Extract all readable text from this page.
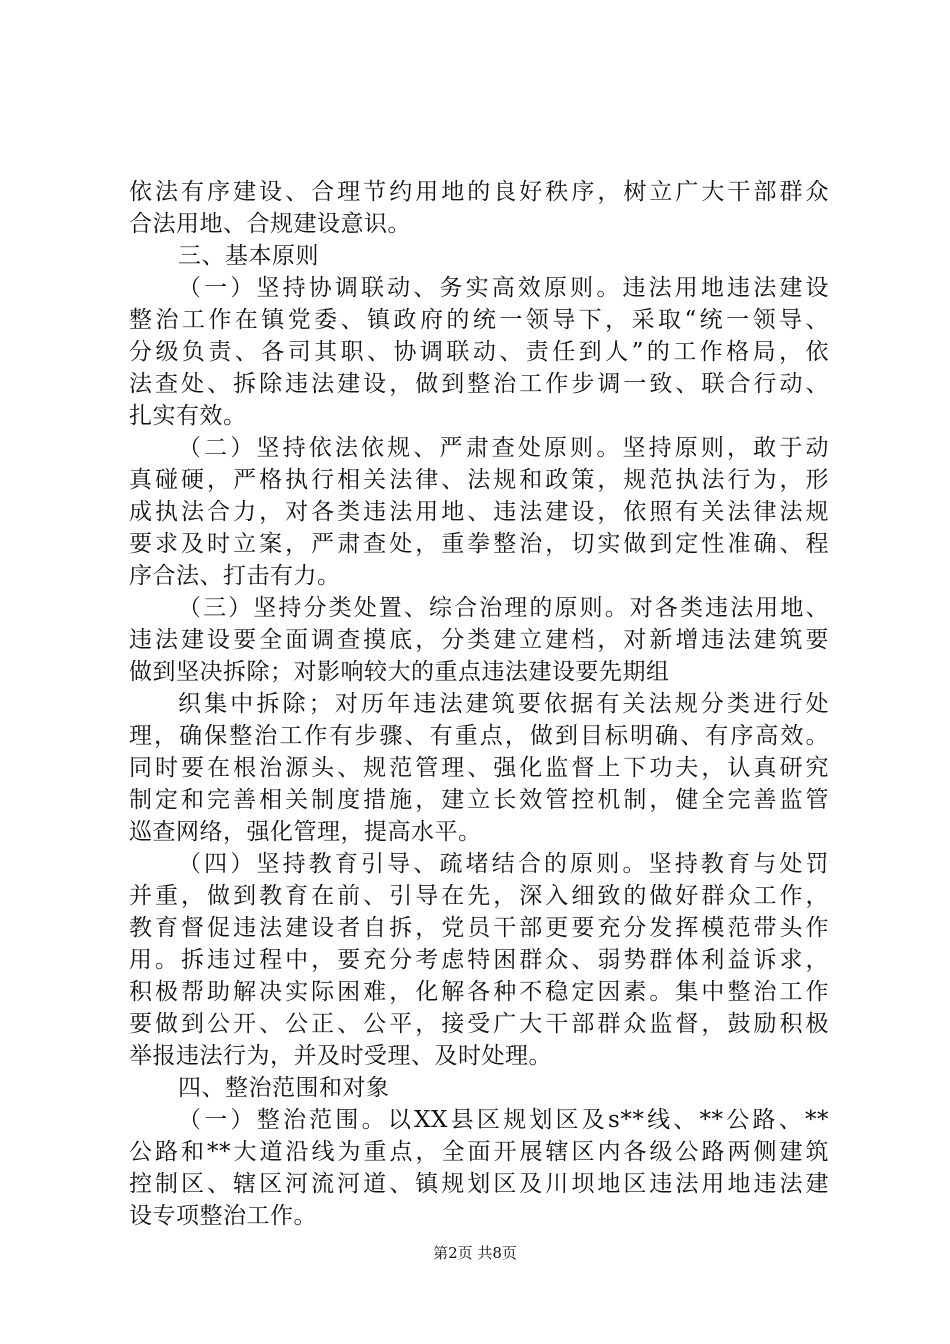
依法有序建设、合理节约用地的良好秩序，树立广大干部群众

合法用地、合规建设意识。

三、基本原则

（一）坚持协调联动、务实高效原则。违法用地违法建设

整治工作在镇党委、镇政府的统一领导下，采取“统一领导、

分级负责、各司其职、协调联动、责任到人”的工作格局，依

法查处、拆除违法建设，做到整治工作步调一致、联合行动、

扎实有效。

（二）坚持依法依规、严肃查处原则。坚持原则，敢于动

真碰硬，严格执行相关法律、法规和政策，规范执法行为，形

成执法合力，对各类违法用地、违法建设，依照有关法律法规

要求及时立案，严肃查处，重拳整治，切实做到定性准确、程

序合法、打击有力。

（三）坚持分类处置、综合治理的原则。对各类违法用地、

违法建设要全面调查摸底，分类建立建档，对新增违法建筑要

做到坚决拆除；对影响较大的重点违法建设要先期组

织集中拆除；对历年违法建筑要依据有关法规分类进行处

理，确保整治工作有步骤、有重点，做到目标明确、有序高效。

同时要在根治源头、规范管理、强化监督上下功夫，认真研究

制定和完善相关制度措施，建立长效管控机制，健全完善监管

巡查网络，强化管理，提高水平。

（四）坚持教育引导、疏堵结合的原则。坚持教育与处罚

并重，做到教育在前、引导在先，深入细致的做好群众工作，

教育督促违法建设者自拆，党员干部更要充分发挥模范带头作

用。拆违过程中，要充分考虑特困群众、弱势群体利益诉求，

积极帮助解决实际困难，化解各种不稳定因素。集中整治工作

要做到公开、公正、公平，接受广大干部群众监督，鼓励积极

举报违法行为，并及时受理、及时处理。

四、整治范围和对象

（一）整治范围。以XX县区规划区及s**线、**公路、**

公路和**大道沿线为重点，全面开展辖区内各级公路两侧建筑

控制区、辖区河流河道、镇规划区及川坝地区违法用地违法建

设专项整治工作。

第2页 共8页
